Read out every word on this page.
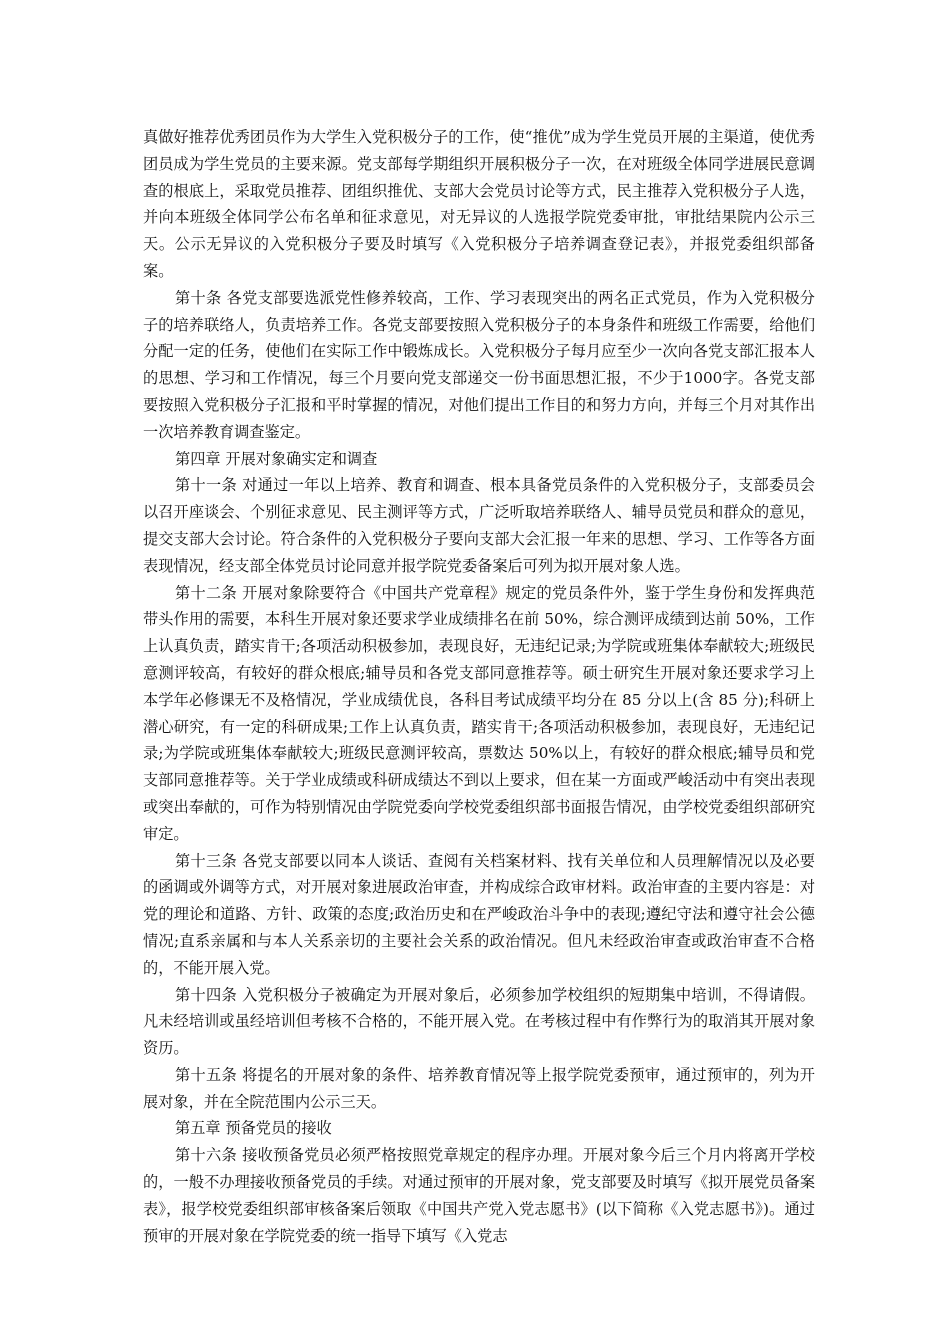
真做好推荐优秀团员作为大学生入党积极分子的工作，使“推优”成为学生党员开展的主渠道，使优秀团员成为学生党员的主要来源。党支部每学期组织开展积极分子一次，在对班级全体同学进展民意调查的根底上，采取党员推荐、团组织推优、支部大会党员讨论等方式，民主推荐入党积极分子人选，并向本班级全体同学公布名单和征求意见，对无异议的人选报学院党委审批，审批结果院内公示三天。公示无异议的入党积极分子要及时填写《入党积极分子培养调查登记表》，并报党委组织部备案。

第十条 各党支部要选派党性修养较高，工作、学习表现突出的两名正式党员，作为入党积极分子的培养联络人，负责培养工作。各党支部要按照入党积极分子的本身条件和班级工作需要，给他们分配一定的任务，使他们在实际工作中锻炼成长。入党积极分子每月应至少一次向各党支部汇报本人的思想、学习和工作情况，每三个月要向党支部递交一份书面思想汇报，不少于1000字。各党支部要按照入党积极分子汇报和平时掌握的情况，对他们提出工作目的和努力方向，并每三个月对其作出一次培养教育调查鉴定。

第四章 开展对象确实定和调查

第十一条 对通过一年以上培养、教育和调查、根本具备党员条件的入党积极分子，支部委员会以召开座谈会、个别征求意见、民主测评等方式，广泛听取培养联络人、辅导员党员和群众的意见，提交支部大会讨论。符合条件的入党积极分子要向支部大会汇报一年来的思想、学习、工作等各方面表现情况，经支部全体党员讨论同意并报学院党委备案后可列为拟开展对象人选。

第十二条 开展对象除要符合《中国共产党章程》规定的党员条件外，鉴于学生身份和发挥典范带头作用的需要，本科生开展对象还要求学业成绩排名在前 50%，综合测评成绩到达前 50%，工作上认真负责，踏实肯干;各项活动积极参加，表现良好，无违纪记录;为学院或班集体奉献较大;班级民意测评较高，有较好的群众根底;辅导员和各党支部同意推荐等。硕士研究生开展对象还要求学习上本学年必修课无不及格情况，学业成绩优良，各科目考试成绩平均分在 85 分以上(含 85 分);科研上潜心研究，有一定的科研成果;工作上认真负责，踏实肯干;各项活动积极参加，表现良好，无违纪记录;为学院或班集体奉献较大;班级民意测评较高，票数达 50%以上，有较好的群众根底;辅导员和党支部同意推荐等。关于学业成绩或科研成绩达不到以上要求，但在某一方面或严峻活动中有突出表现或突出奉献的，可作为特别情况由学院党委向学校党委组织部书面报告情况，由学校党委组织部研究审定。

第十三条 各党支部要以同本人谈话、查阅有关档案材料、找有关单位和人员理解情况以及必要的函调或外调等方式，对开展对象进展政治审查，并构成综合政审材料。政治审查的主要内容是：对党的理论和道路、方针、政策的态度;政治历史和在严峻政治斗争中的表现;遵纪守法和遵守社会公德情况;直系亲属和与本人关系亲切的主要社会关系的政治情况。但凡未经政治审查或政治审查不合格的，不能开展入党。

第十四条 入党积极分子被确定为开展对象后，必须参加学校组织的短期集中培训，不得请假。凡未经培训或虽经培训但考核不合格的，不能开展入党。在考核过程中有作弊行为的取消其开展对象资历。

第十五条 将提名的开展对象的条件、培养教育情况等上报学院党委预审，通过预审的，列为开展对象，并在全院范围内公示三天。

第五章 预备党员的接收

第十六条 接收预备党员必须严格按照党章规定的程序办理。开展对象今后三个月内将离开学校的，一般不办理接收预备党员的手续。对通过预审的开展对象，党支部要及时填写《拟开展党员备案表》，报学校党委组织部审核备案后领取《中国共产党入党志愿书》(以下简称《入党志愿书》)。通过预审的开展对象在学院党委的统一指导下填写《入党志
